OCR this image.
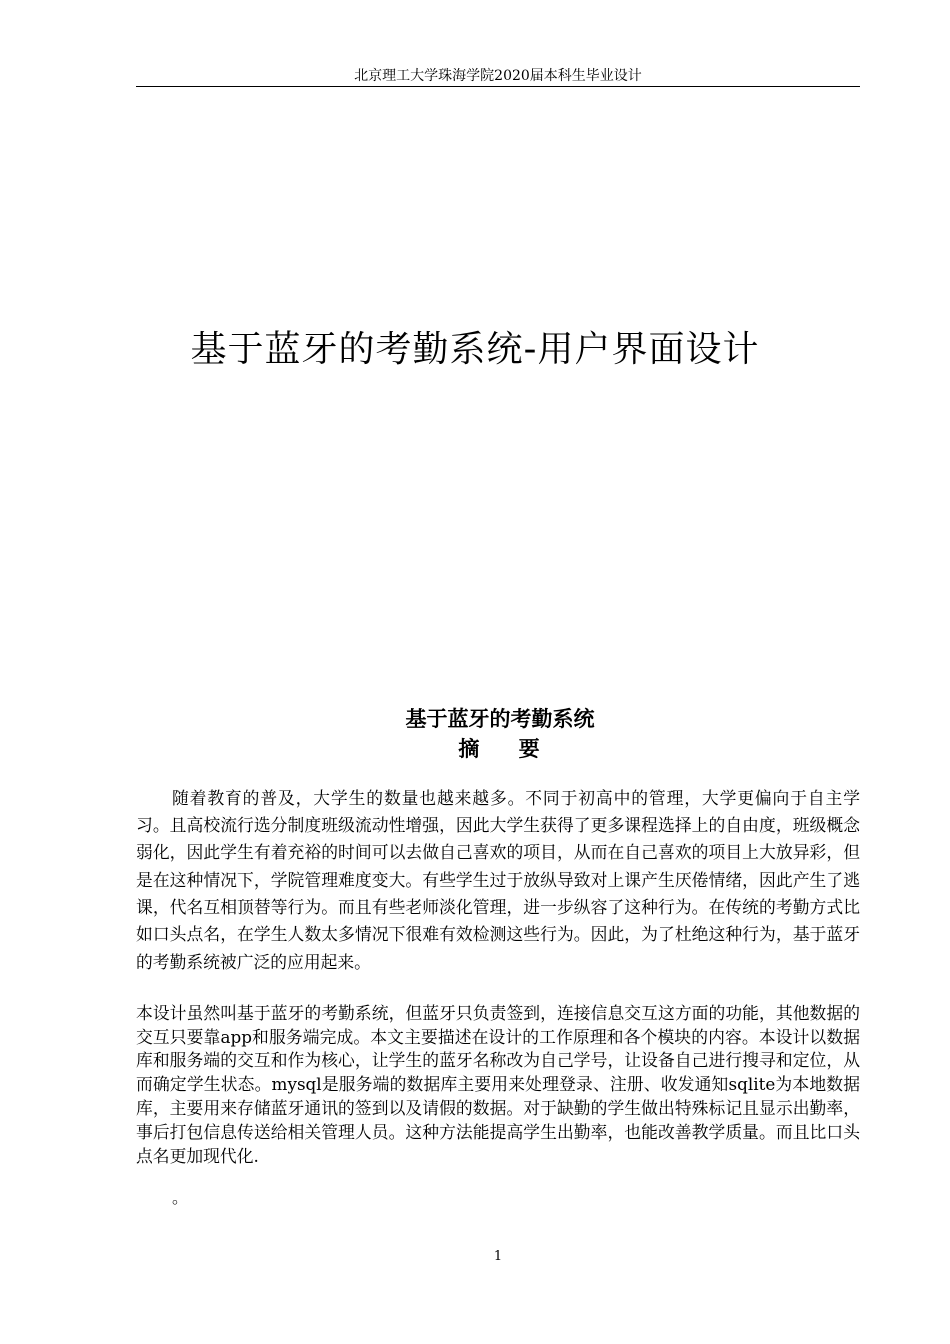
北京理工大学珠海学院2020届本科生毕业设计
基于蓝牙的考勤系统-用户界面设计
基于蓝牙的考勤系统
摘 要

随着教育的普及，大学生的数量也越来越多。不同于初高中的管理，大学更偏向于自主学习。且高校流行选分制度班级流动性增强，因此大学生获得了更多课程选择上的自由度，班级概念弱化，因此学生有着充裕的时间可以去做自己喜欢的项目，从而在自己喜欢的项目上大放异彩，但是在这种情况下，学院管理难度变大。有些学生过于放纵导致对上课产生厌倦情绪，因此产生了逃课，代名互相顶替等行为。而且有些老师淡化管理，进一步纵容了这种行为。在传统的考勤方式比如口头点名，在学生人数太多情况下很难有效检测这些行为。因此，为了杜绝这种行为，基于蓝牙的考勤系统被广泛的应用起来。

本设计虽然叫基于蓝牙的考勤系统，但蓝牙只负责签到，连接信息交互这方面的功能，其他数据的交互只要靠app和服务端完成。本文主要描述在设计的工作原理和各个模块的内容。本设计以数据库和服务端的交互和作为核心，让学生的蓝牙名称改为自己学号，让设备自己进行搜寻和定位，从而确定学生状态。mysql是服务端的数据库主要用来处理登录、注册、收发通知sqlite为本地数据库，主要用来存储蓝牙通讯的签到以及请假的数据。对于缺勤的学生做出特殊标记且显示出勤率，事后打包信息传送给相关管理人员。这种方法能提高学生出勤率，也能改善教学质量。而且比口头点名更加现代化.

。
1
